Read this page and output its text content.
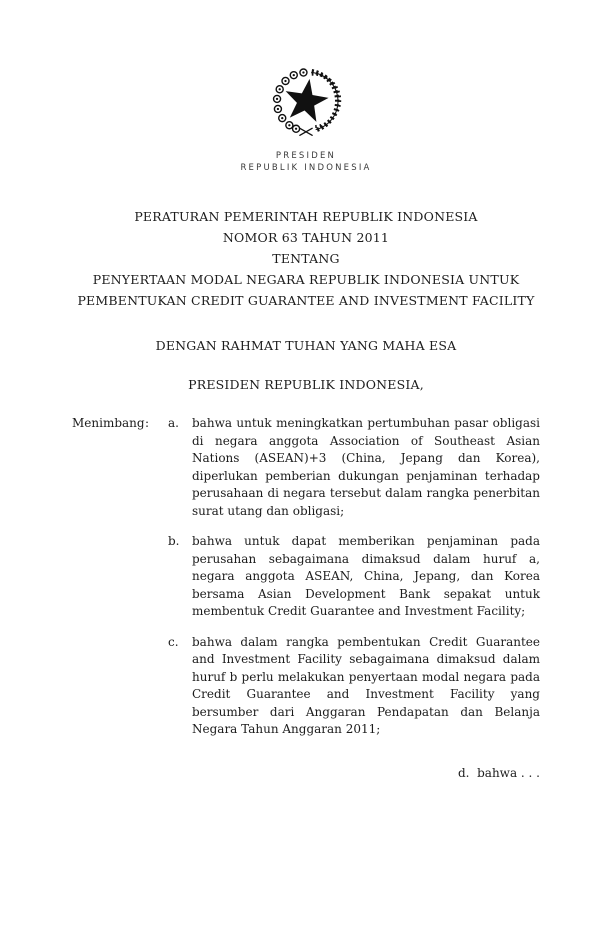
PRESIDEN
REPUBLIK INDONESIA
PERATURAN PEMERINTAH REPUBLIK INDONESIA
NOMOR 63 TAHUN 2011
TENTANG
PENYERTAAN MODAL NEGARA REPUBLIK INDONESIA UNTUK
PEMBENTUKAN CREDIT GUARANTEE AND INVESTMENT FACILITY
DENGAN RAHMAT TUHAN YANG MAHA ESA
PRESIDEN REPUBLIK INDONESIA,
Menimbang :	a.	bahwa untuk meningkatkan pertumbuhan pasar obligasi di negara anggota Association of Southeast Asian Nations (ASEAN)+3 (China, Jepang dan Korea), diperlukan pemberian dukungan penjaminan terhadap perusahaan di negara tersebut dalam rangka penerbitan surat utang dan obligasi;
b.	bahwa untuk dapat memberikan penjaminan pada perusahan sebagaimana dimaksud dalam huruf a, negara anggota ASEAN, China, Jepang, dan Korea bersama Asian Development Bank sepakat untuk membentuk Credit Guarantee and Investment Facility;
c.	bahwa dalam rangka pembentukan Credit Guarantee and Investment Facility sebagaimana dimaksud dalam huruf b perlu melakukan penyertaan modal negara pada Credit Guarantee and Investment Facility yang bersumber dari Anggaran Pendapatan dan Belanja Negara Tahun Anggaran 2011;
d.  bahwa . . .
